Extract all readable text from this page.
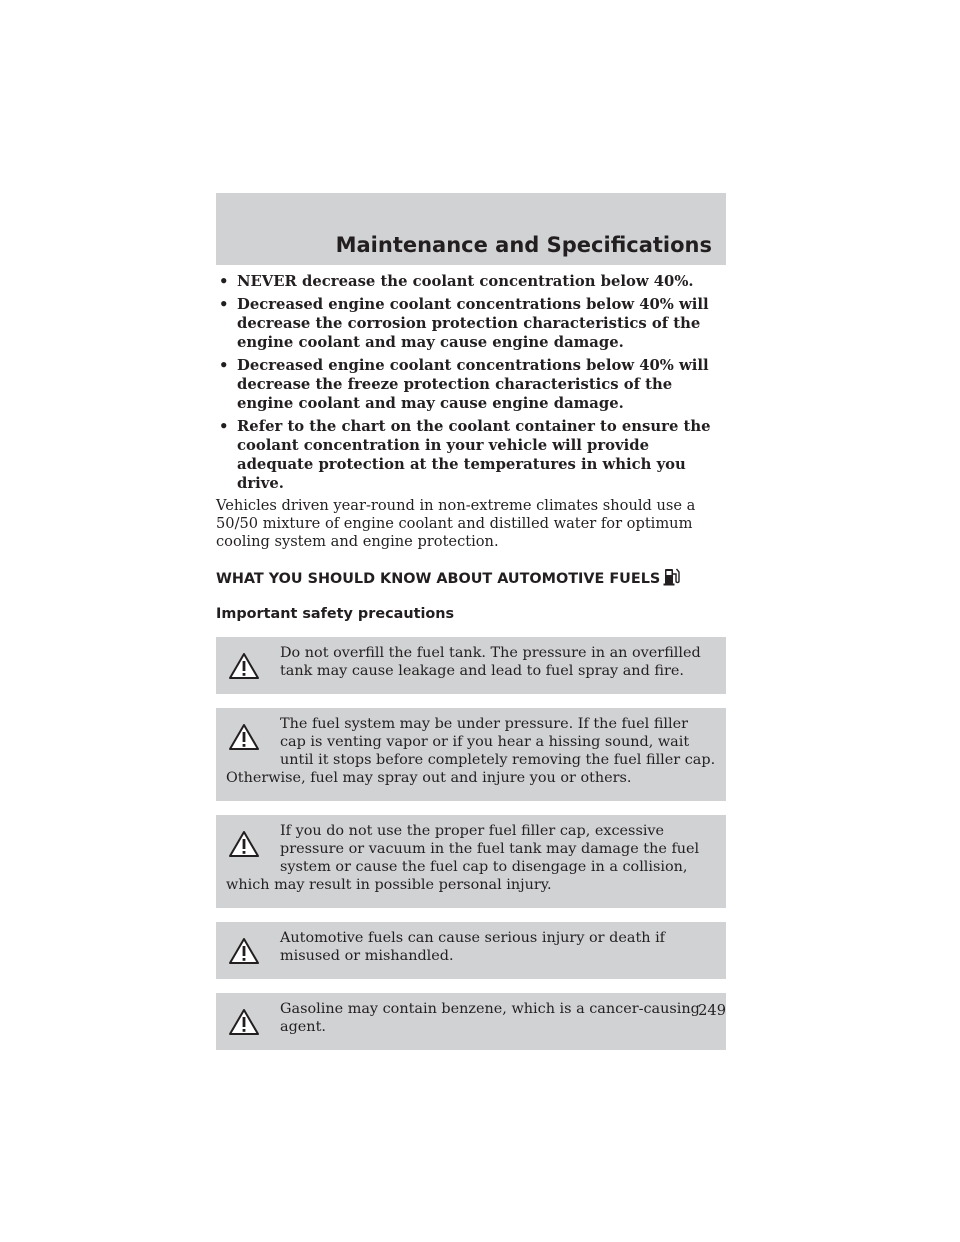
Maintenance and Specifications
• NEVER decrease the coolant concentration below 40%.
• Decreased engine coolant concentrations below 40% will decrease the corrosion protection characteristics of the engine coolant and may cause engine damage.
• Decreased engine coolant concentrations below 40% will decrease the freeze protection characteristics of the engine coolant and may cause engine damage.
• Refer to the chart on the coolant container to ensure the coolant concentration in your vehicle will provide adequate protection at the temperatures in which you drive.

Vehicles driven year-round in non-extreme climates should use a 50/50 mixture of engine coolant and distilled water for optimum cooling system and engine protection.

WHAT YOU SHOULD KNOW ABOUT AUTOMOTIVE FUELS
Important safety precautions

Do not overfill the fuel tank. The pressure in an overfilled tank may cause leakage and lead to fuel spray and fire.

The fuel system may be under pressure. If the fuel filler cap is venting vapor or if you hear a hissing sound, wait until it stops before completely removing the fuel filler cap. Otherwise, fuel may spray out and injure you or others.

If you do not use the proper fuel filler cap, excessive pressure or vacuum in the fuel tank may damage the fuel system or cause the fuel cap to disengage in a collision, which may result in possible personal injury.

Automotive fuels can cause serious injury or death if misused or mishandled.

Gasoline may contain benzene, which is a cancer-causing agent.

249
